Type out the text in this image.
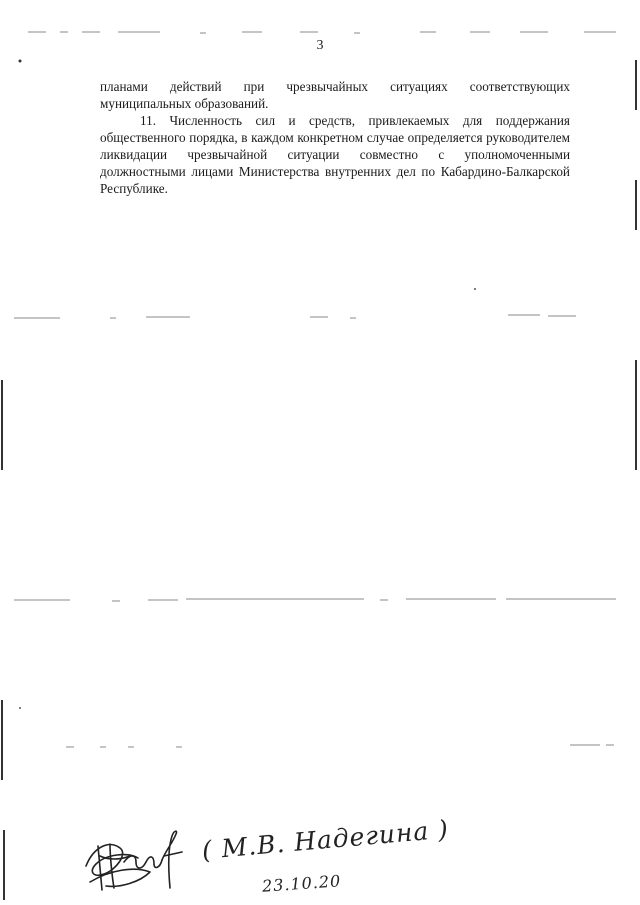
3

планами действий при чрезвычайных ситуациях соответствующих муниципальных образований.

11. Численность сил и средств, привлекаемых для поддержания общественного порядка, в каждом конкретном случае определяется руководителем ликвидации чрезвычайной ситуации совместно с уполномоченными должностными лицами Министерства внутренних дел по Кабардино-Балкарской Республике.

( М.В. Надегина )
23.10.20
